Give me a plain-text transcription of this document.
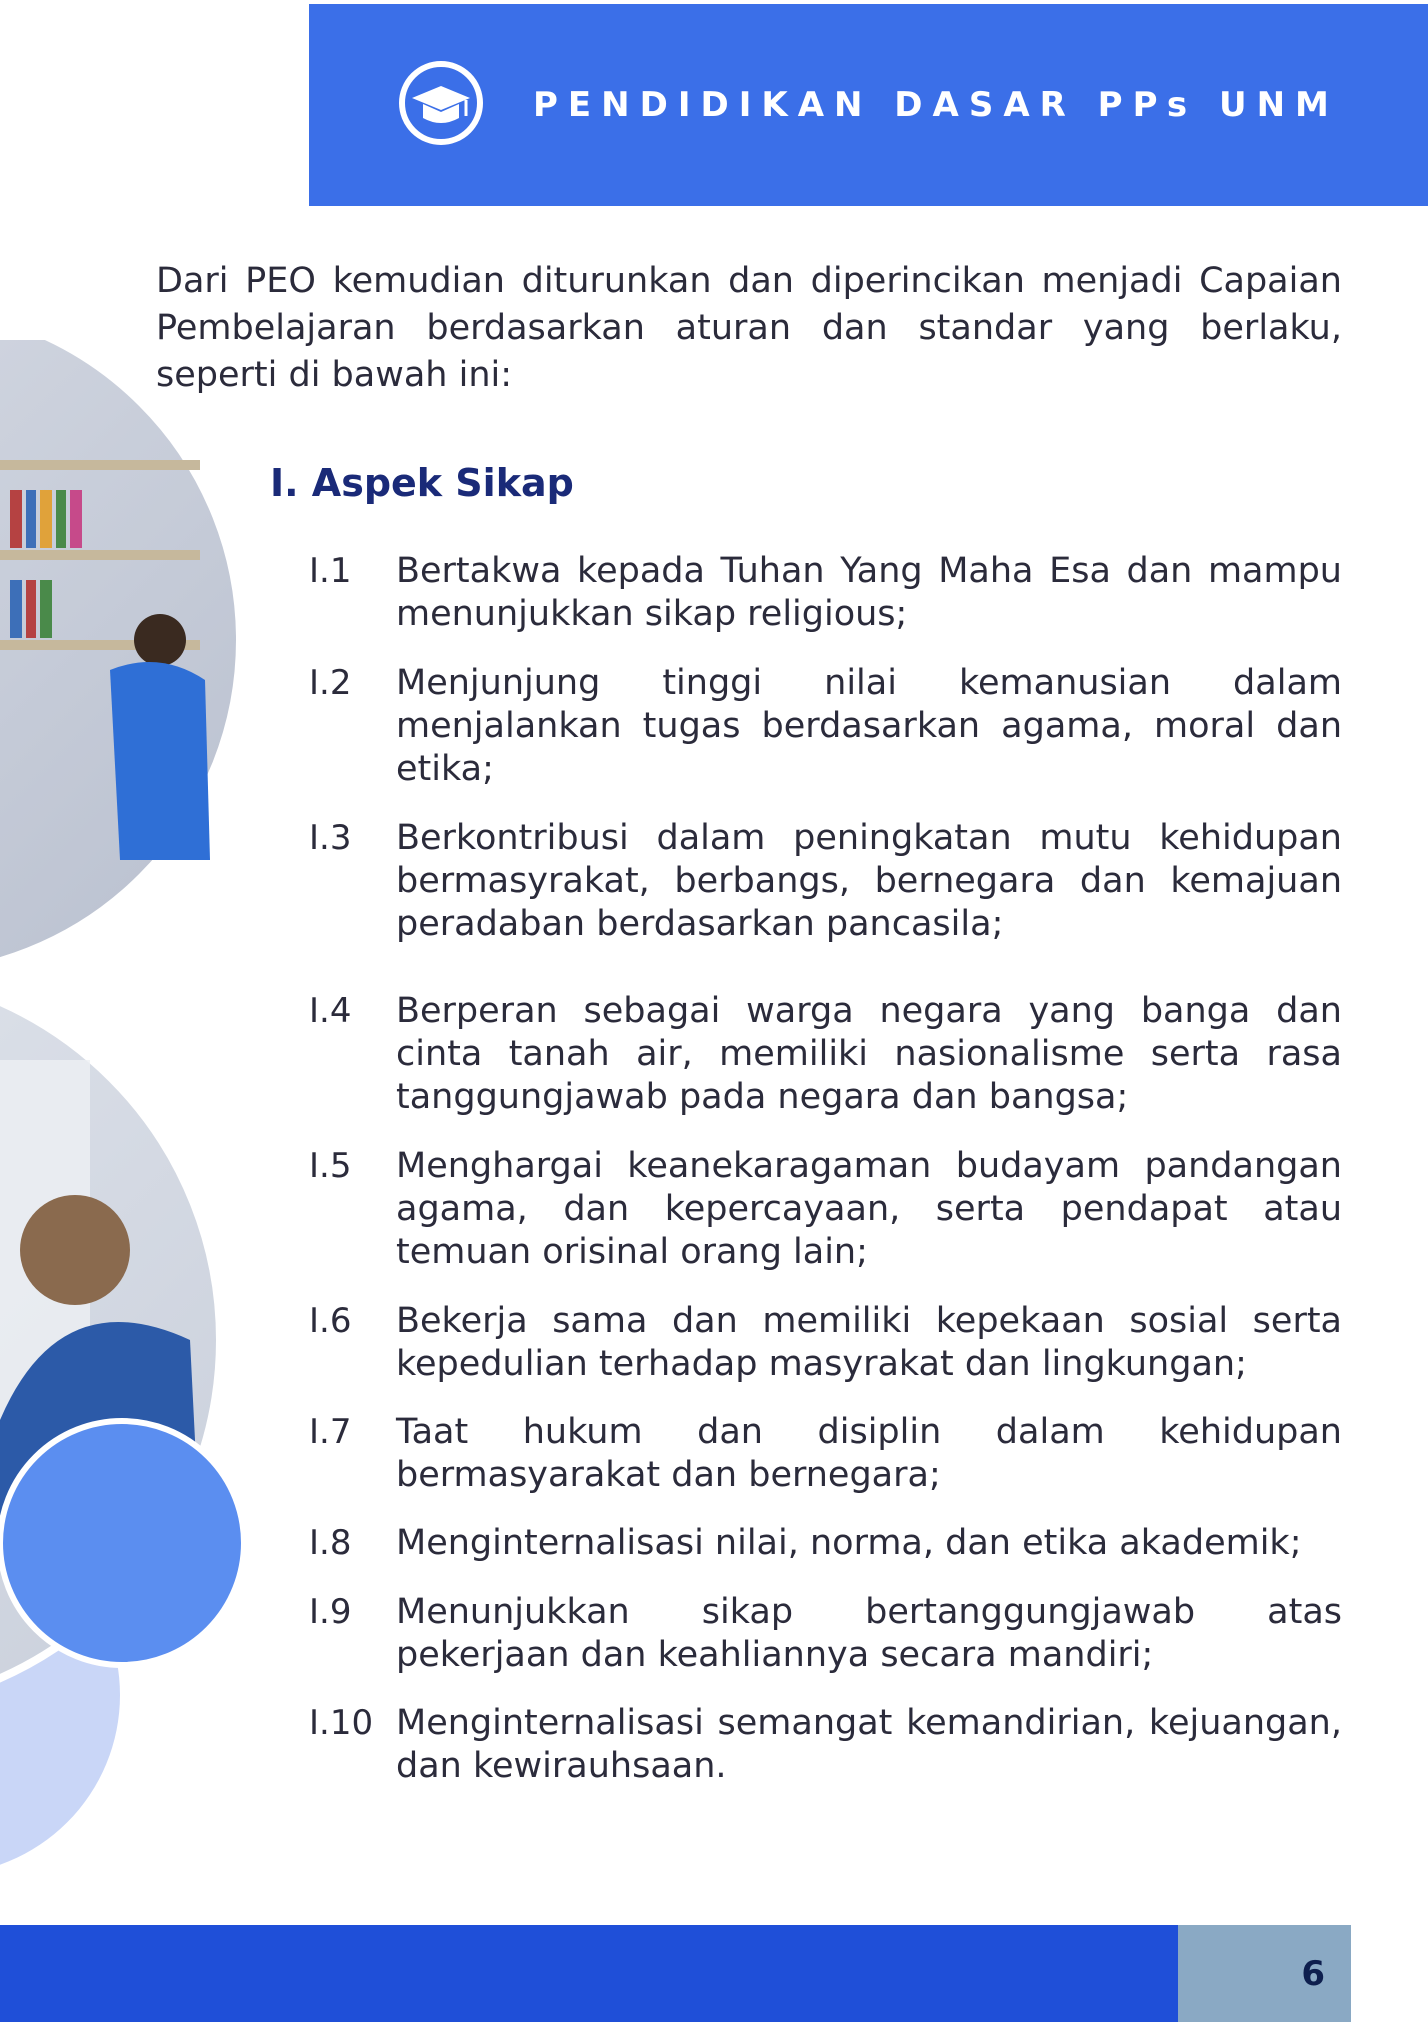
PENDIDIKAN DASAR PPs UNM
Dari PEO kemudian diturunkan dan diperincikan menjadi Capaian Pembelajaran berdasarkan aturan dan standar yang berlaku, seperti di bawah ini:
I. Aspek Sikap
I.1 Bertakwa kepada Tuhan Yang Maha Esa dan mampu menunjukkan sikap religious;
I.2 Menjunjung tinggi nilai kemanusian dalam menjalankan tugas berdasarkan agama, moral dan etika;
I.3 Berkontribusi dalam peningkatan mutu kehidupan bermasyrakat, berbangs, bernegara dan kemajuan peradaban berdasarkan pancasila;
I.4 Berperan sebagai warga negara yang banga dan cinta tanah air, memiliki nasionalisme serta rasa tanggungjawab pada negara dan bangsa;
I.5 Menghargai keanekaragaman budayam pandangan agama, dan kepercayaan, serta pendapat atau temuan orisinal orang lain;
I.6 Bekerja sama dan memiliki kepekaan sosial serta kepedulian terhadap masyrakat dan lingkungan;
I.7 Taat hukum dan disiplin dalam kehidupan bermasyarakat dan bernegara;
I.8 Menginternalisasi nilai, norma, dan etika akademik;
I.9 Menunjukkan sikap bertanggungjawab atas pekerjaan dan keahliannya secara mandiri;
I.10 Menginternalisasi semangat kemandirian, kejuangan, dan kewirauhsaan.
6
